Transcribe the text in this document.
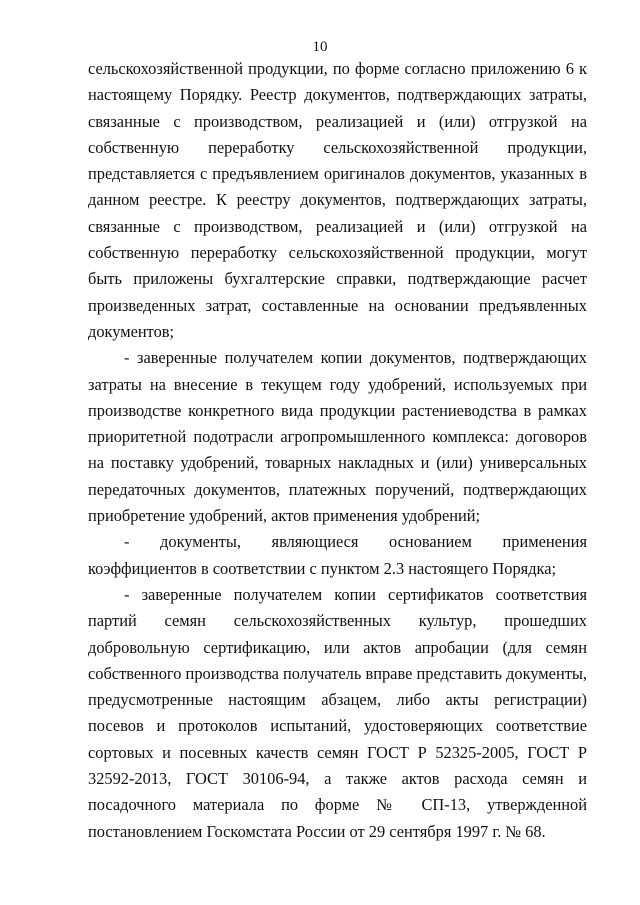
10

сельскохозяйственной продукции, по форме согласно приложению 6 к настоящему Порядку. Реестр документов, подтверждающих затраты, связанные с производством, реализацией и (или) отгрузкой на собственную переработку сельскохозяйственной продукции, представляется с предъявлением оригиналов документов, указанных в данном реестре. К реестру документов, подтверждающих затраты, связанные с производством, реализацией и (или) отгрузкой на собственную переработку сельскохозяйственной продукции, могут быть приложены бухгалтерские справки, подтверждающие расчет произведенных затрат, составленные на основании предъявленных документов;

- заверенные получателем копии документов, подтверждающих затраты на внесение в текущем году удобрений, используемых при производстве конкретного вида продукции растениеводства в рамках приоритетной подотрасли агропромышленного комплекса: договоров на поставку удобрений, товарных накладных и (или) универсальных передаточных документов, платежных поручений, подтверждающих приобретение удобрений, актов применения удобрений;

- документы, являющиеся основанием применения коэффициентов в соответствии с пунктом 2.3 настоящего Порядка;

- заверенные получателем копии сертификатов соответствия партий семян сельскохозяйственных культур, прошедших добровольную сертификацию, или актов апробации (для семян собственного производства получатель вправе представить документы, предусмотренные настоящим абзацем, либо акты регистрации) посевов и протоколов испытаний, удостоверяющих соответствие сортовых и посевных качеств семян ГОСТ Р 52325-2005, ГОСТ Р 32592-2013, ГОСТ 30106-94, а также актов расхода семян и посадочного материала по форме № СП-13, утвержденной постановлением Госкомстата России от 29 сентября 1997 г. № 68.
